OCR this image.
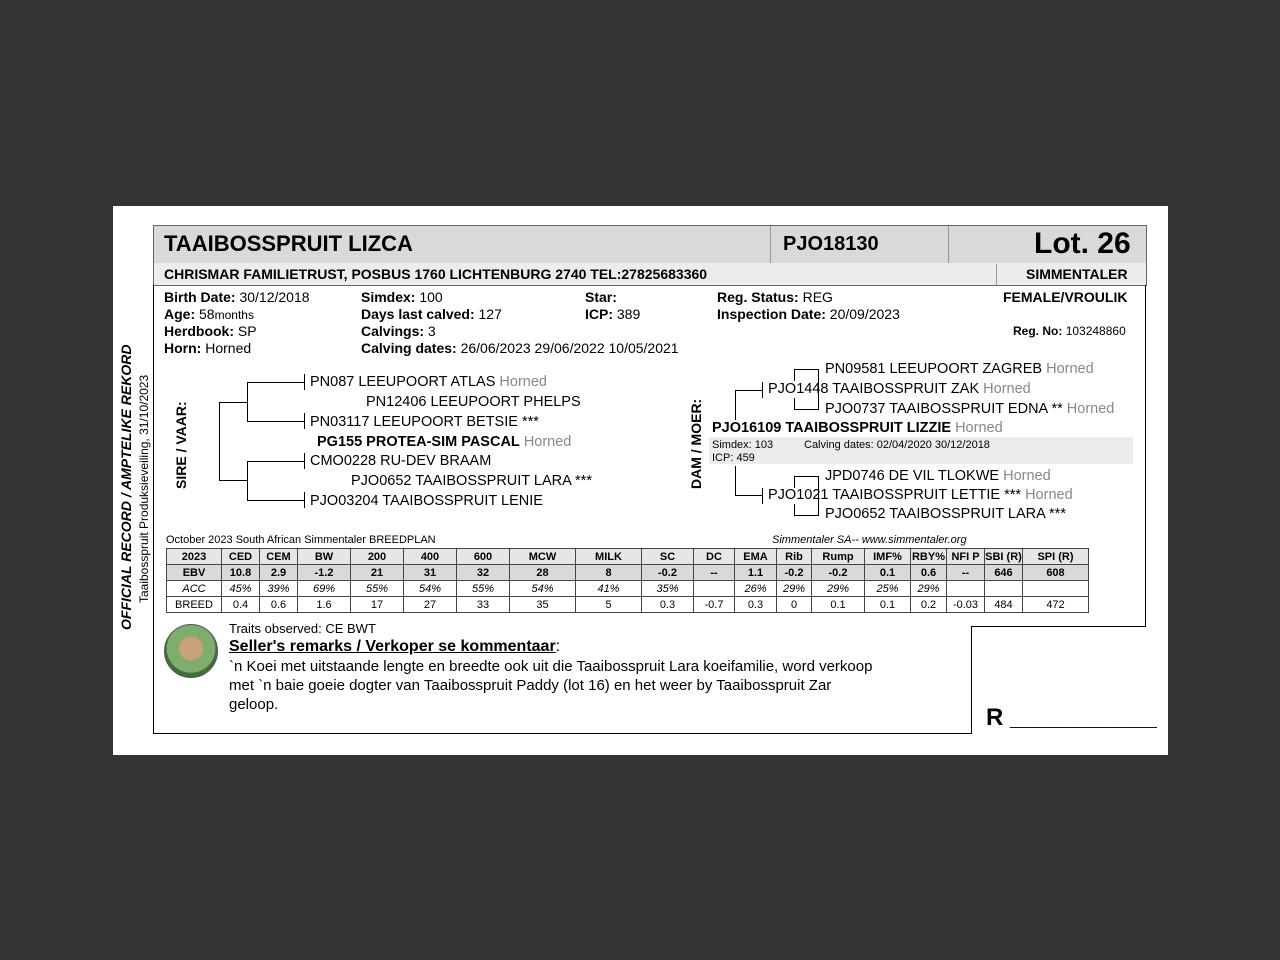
OFFICIAL RECORD / AMPTELIKE REKORD Taaibosspruit Produksieveiling, 31/10/2023
TAAIBOSSPRUIT LIZCA	PJO18130	Lot. 26
CHRISMAR FAMILIETRUST, POSBUS 1760 LICHTENBURG 2740 TEL:27825683360	SIMMENTALER
Birth Date: 30/12/2018
Age: 58months
Herdbook: SP
Horn: Horned
Simdex: 100
Days last calved: 127
Calvings: 3
Calving dates: 26/06/2023 29/06/2022 10/05/2021
Star:
ICP: 389
Reg. Status: REG
Inspection Date: 20/09/2023
FEMALE/VROULIK
Reg. No: 103248860
SIRE / VAAR:
PN087 LEEUPOORT ATLAS Horned
PN12406 LEEUPOORT PHELPS
PN03117 LEEUPOORT BETSIE ***
PG155 PROTEA-SIM PASCAL Horned
CMO0228 RU-DEV BRAAM
PJO0652 TAAIBOSSPRUIT LARA ***
PJO03204 TAAIBOSSPRUIT LENIE
DAM / MOER:
PN09581 LEEUPOORT ZAGREB Horned
PJO1448 TAAIBOSSPRUIT ZAK Horned
PJO0737 TAAIBOSSPRUIT EDNA ** Horned
PJO16109 TAAIBOSSPRUIT LIZZIE Horned
Simdex: 103	Calving dates: 02/04/2020 30/12/2018
ICP: 459
JPD0746 DE VIL TLOKWE Horned
PJO1021 TAAIBOSSPRUIT LETTIE *** Horned
PJO0652 TAAIBOSSPRUIT LARA ***
October 2023 South African Simmentaler BREEDPLAN	Simmentaler SA-- www.simmentaler.org
2023	CED	CEM	BW	200	400	600	MCW	MILK	SC	DC	EMA	Rib	Rump	IMF%	RBY%	NFI P	SBI (R)	SPI (R)
EBV	10.8	2.9	-1.2	21	31	32	28	8	-0.2	--	1.1	-0.2	-0.2	0.1	0.6	--	646	608
ACC	45%	39%	69%	55%	54%	55%	54%	41%	35%		26%	29%	29%	25%	29%			
BREED	0.4	0.6	1.6	17	27	33	35	5	0.3	-0.7	0.3	0	0.1	0.1	0.2	-0.03	484	472
Traits observed: CE BWT
Seller's remarks / Verkoper se kommentaar:
`n Koei met uitstaande lengte en breedte ook uit die Taaibosspruit Lara koeifamilie, word verkoop
met `n baie goeie dogter van Taaibosspruit Paddy (lot 16) en het weer by Taaibosspruit Zar
geloop.	R ___________
